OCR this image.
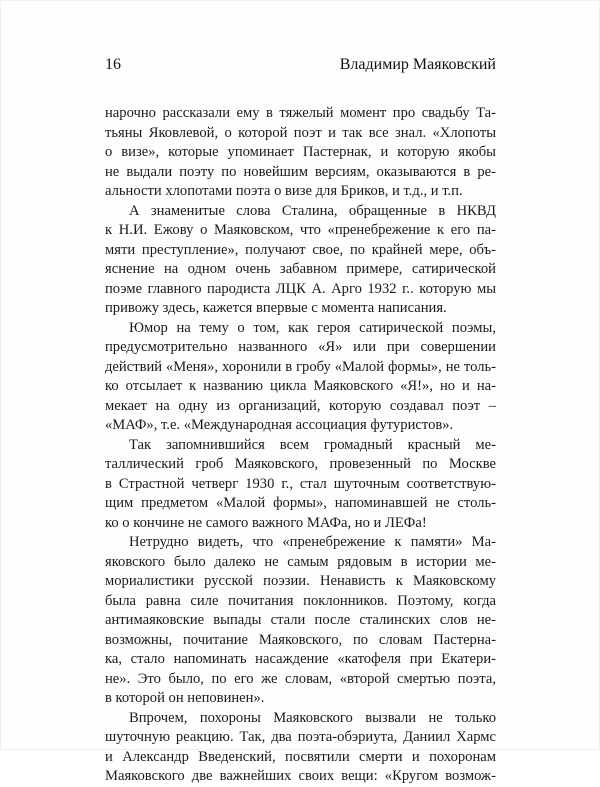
16	Владимир Маяковский
нарочно рассказали ему в тяжелый момент про свадьбу Та-
тьяны Яковлевой, о которой поэт и так все знал. «Хлопоты
о визе», которые упоминает Пастернак, и которую якобы
не выдали поэту по новейшим версиям, оказываются в ре-
альности хлопотами поэта о визе для Бриков, и т.д., и т.п.
А знаменитые слова Сталина, обращенные в НКВД
к Н.И. Ежову о Маяковском, что «пренебрежение к его па-
мяти преступление», получают свое, по крайней мере, объ-
яснение на одном очень забавном примере, сатирической
поэме главного пародиста ЛЦК А. Арго 1932 г.. которую мы
привожу здесь, кажется впервые с момента написания.
Юмор на тему о том, как героя сатирической поэмы,
предусмотрительно названного «Я» или при совершении
действий «Меня», хоронили в гробу «Малой формы», не толь-
ко отсылает к названию цикла Маяковского «Я!», но и на-
мекает на одну из организаций, которую создавал поэт –
«МАФ», т.е. «Международная ассоциация футуристов».
Так запомнившийся всем громадный красный ме-
таллический гроб Маяковского, провезенный по Москве
в Страстной четверг 1930 г., стал шуточным соответствую-
щим предметом «Малой формы», напоминавшей не столь-
ко о кончине не самого важного МАФа, но и ЛЕФа!
Нетрудно видеть, что «пренебрежение к памяти» Ма-
яковского было далеко не самым рядовым в истории ме-
мориалистики русской поэзии. Ненависть к Маяковскому
была равна силе почитания поклонников. Поэтому, когда
антимаяковские выпады стали после сталинских слов не-
возможны, почитание Маяковского, по словам Пастерна-
ка, стало напоминать насаждение «катофеля при Екатери-
не». Это было, по его же словам, «второй смертью поэта,
в которой он неповинен».
Впрочем, похороны Маяковского вызвали не только
шуточную реакцию. Так, два поэта-обэриута, Даниил Хармс
и Александр Введенский, посвятили смерти и похоронам
Маяковского две важнейших своих вещи: «Кругом возмож-
